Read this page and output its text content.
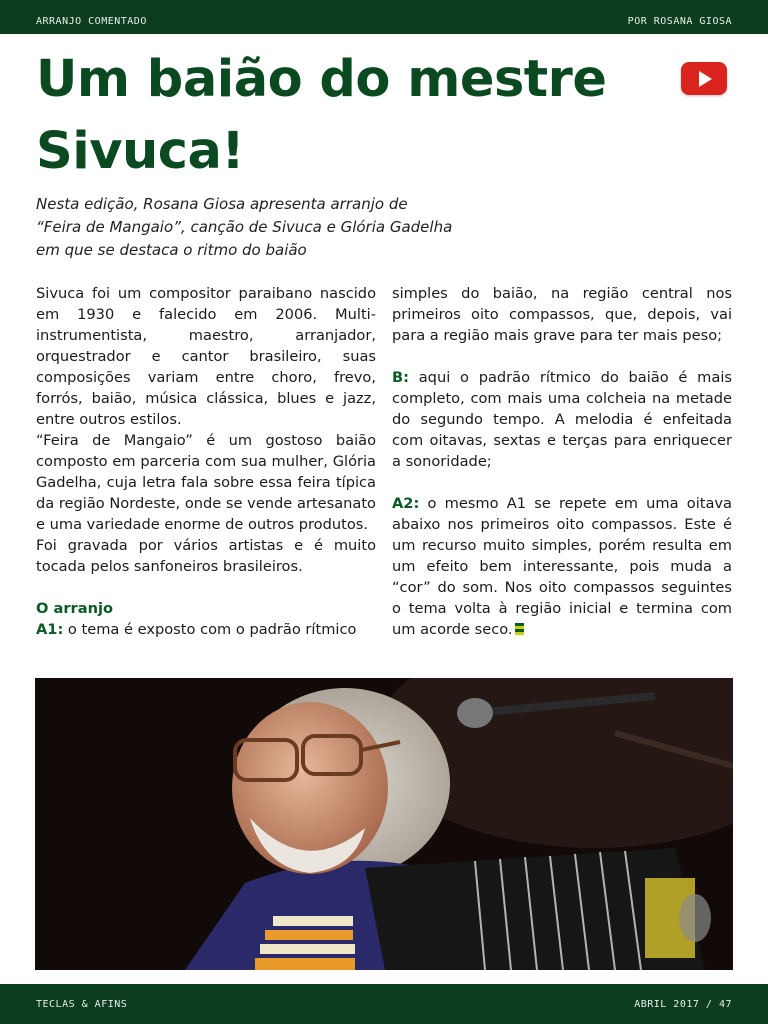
ARRANJO COMENTADO	POR ROSANA GIOSA
Um baião do mestre Sivuca!

Nesta edição, Rosana Giosa apresenta arranjo de “Feira de Mangaio”, canção de Sivuca e Glória Gadelha em que se destaca o ritmo do baião

Sivuca foi um compositor paraibano nascido em 1930 e falecido em 2006. Multi-instrumentista, maestro, arranjador, orquestrador e cantor brasileiro, suas composições variam entre choro, frevo, forrós, baião, música clássica, blues e jazz, entre outros estilos.

“Feira de Mangaio” é um gostoso baião composto em parceria com sua mulher, Glória Gadelha, cuja letra fala sobre essa feira típica da região Nordeste, onde se vende artesanato e uma variedade enorme de outros produtos.

Foi gravada por vários artistas e é muito tocada pelos sanfoneiros brasileiros.

O arranjo

A1: o tema é exposto com o padrão rítmico

simples do baião, na região central nos primeiros oito compassos, que, depois, vai para a região mais grave para ter mais peso;

B: aqui o padrão rítmico do baião é mais completo, com mais uma colcheia na metade do segundo tempo. A melodia é enfeitada com oitavas, sextas e terças para enriquecer a sonoridade;

A2: o mesmo A1 se repete em uma oitava abaixo nos primeiros oito compassos. Este é um recurso muito simples, porém resulta em um efeito bem interessante, pois muda a “cor” do som. Nos oito compassos seguintes o tema volta à região inicial e termina com um acorde seco.

TECLAS & AFINS	ABRIL 2017 / 47
